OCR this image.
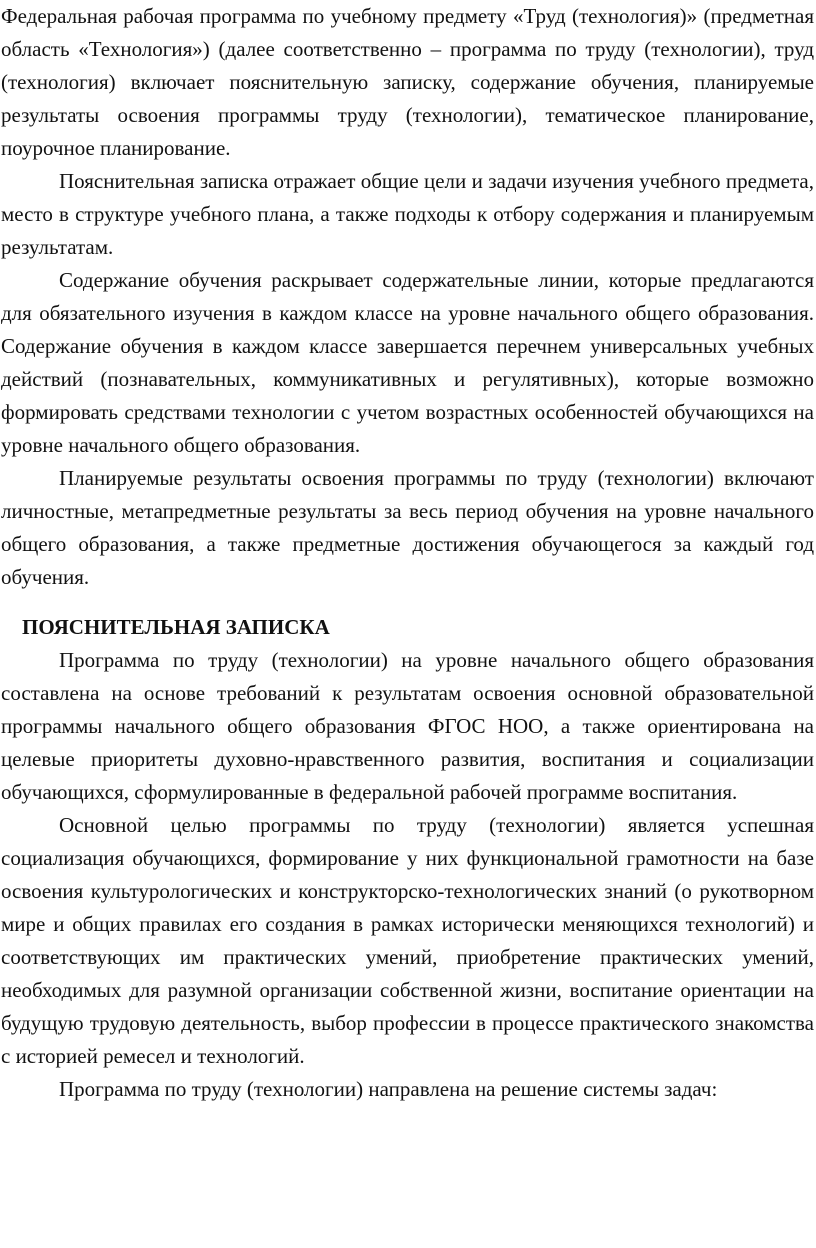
Федеральная рабочая программа по учебному предмету «Труд (технология)» (предметная область «Технология») (далее соответственно – программа по труду (технологии), труд (технология) включает пояснительную записку, содержание обучения, планируемые результаты освоения программы труду (технологии), тематическое планирование, поурочное планирование.

Пояснительная записка отражает общие цели и задачи изучения учебного предмета, место в структуре учебного плана, а также подходы к отбору содержания и планируемым результатам.

Содержание обучения раскрывает содержательные линии, которые предлагаются для обязательного изучения в каждом классе на уровне начального общего образования. Содержание обучения в каждом классе завершается перечнем универсальных учебных действий (познавательных, коммуникативных и регулятивных), которые возможно формировать средствами технологии с учетом возрастных особенностей обучающихся на уровне начального общего образования.

Планируемые результаты освоения программы по труду (технологии) включают личностные, метапредметные результаты за весь период обучения на уровне начального общего образования, а также предметные достижения обучающегося за каждый год обучения.

ПОЯСНИТЕЛЬНАЯ ЗАПИСКА

Программа по труду (технологии) на уровне начального общего образования составлена на основе требований к результатам освоения основной образовательной программы начального общего образования ФГОС НОО, а также ориентирована на целевые приоритеты духовно-нравственного развития, воспитания и социализации обучающихся, сформулированные в федеральной рабочей программе воспитания.

Основной целью программы по труду (технологии) является успешная социализация обучающихся, формирование у них функциональной грамотности на базе освоения культурологических и конструкторско-технологических знаний (о рукотворном мире и общих правилах его создания в рамках исторически меняющихся технологий) и соответствующих им практических умений, приобретение практических умений, необходимых для разумной организации собственной жизни, воспитание ориентации на будущую трудовую деятельность, выбор профессии в процессе практического знакомства с историей ремесел и технологий.

Программа по труду (технологии) направлена на решение системы задач:
